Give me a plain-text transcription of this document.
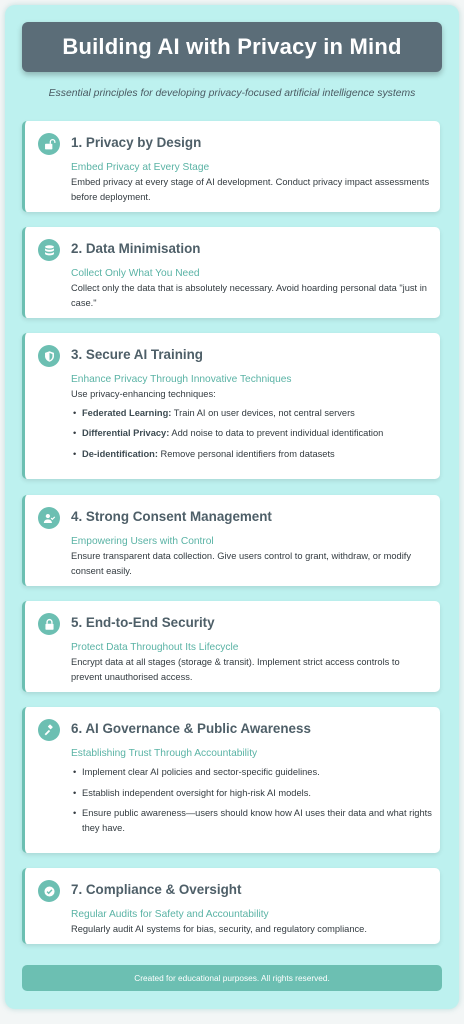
Building AI with Privacy in Mind
Essential principles for developing privacy-focused artificial intelligence systems
1. Privacy by Design
Embed Privacy at Every Stage
Embed privacy at every stage of AI development. Conduct privacy impact assessments before deployment.
2. Data Minimisation
Collect Only What You Need
Collect only the data that is absolutely necessary. Avoid hoarding personal data "just in case."
3. Secure AI Training
Enhance Privacy Through Innovative Techniques
Use privacy-enhancing techniques:
• Federated Learning: Train AI on user devices, not central servers
• Differential Privacy: Add noise to data to prevent individual identification
• De-identification: Remove personal identifiers from datasets
4. Strong Consent Management
Empowering Users with Control
Ensure transparent data collection. Give users control to grant, withdraw, or modify consent easily.
5. End-to-End Security
Protect Data Throughout Its Lifecycle
Encrypt data at all stages (storage & transit). Implement strict access controls to prevent unauthorised access.
6. AI Governance & Public Awareness
Establishing Trust Through Accountability
• Implement clear AI policies and sector-specific guidelines.
• Establish independent oversight for high-risk AI models.
• Ensure public awareness—users should know how AI uses their data and what rights they have.
7. Compliance & Oversight
Regular Audits for Safety and Accountability
Regularly audit AI systems for bias, security, and regulatory compliance.
Created for educational purposes. All rights reserved.
